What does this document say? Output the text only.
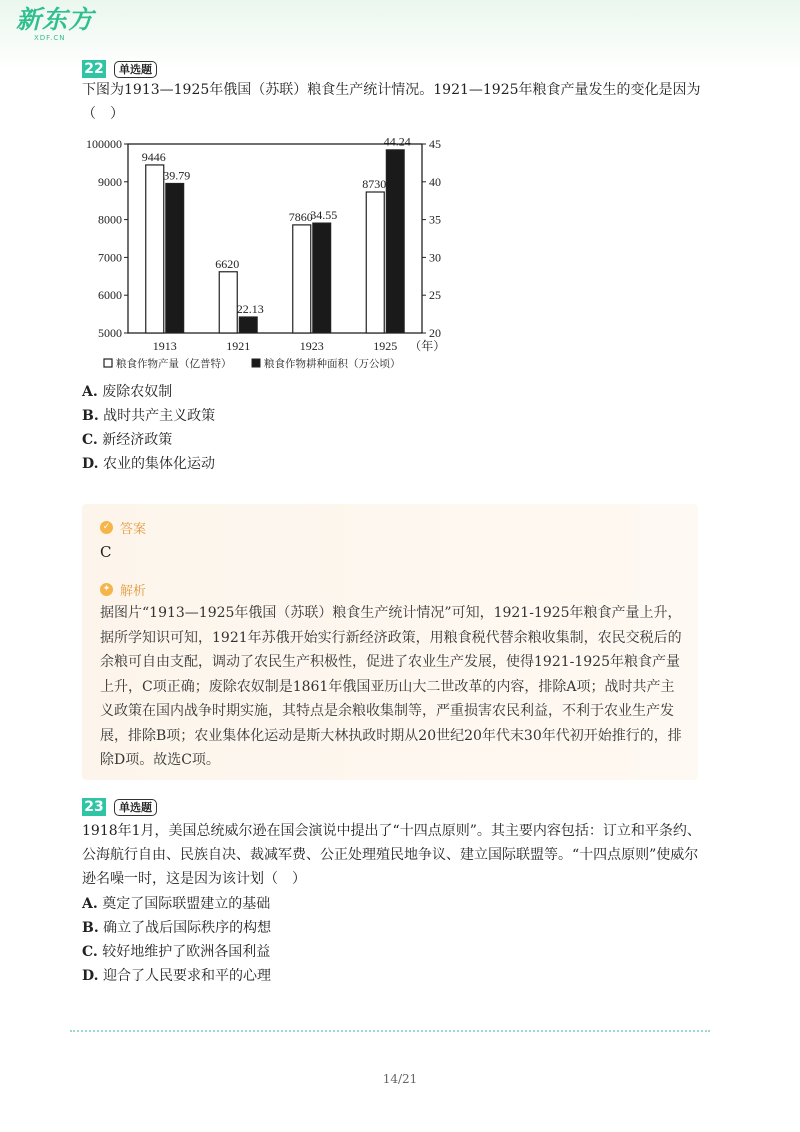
新东方
XDF.CN
22	单选题

下图为1913—1925年俄国（苏联）粮食生产统计情况。1921—1925年粮食产量发生的变化是因为（　）

5000
6000
7000
8000
9000
100000
20
25
30
35
40
45
9446
39.79
1913
6620
22.13
1921
7860
34.55
1923
8730
44.24
1925 （年）
粮食作物产量（亿普特）	粮食作物耕种面积（万公顷）
A. 废除农奴制
B. 战时共产主义政策
C. 新经济政策
D. 农业的集体化运动
✓ 答案
C
✦ 解析

据图片“1913—1925年俄国（苏联）粮食生产统计情况”可知，1921-1925年粮食产量上升，据所学知识可知，1921年苏俄开始实行新经济政策，用粮食税代替余粮收集制，农民交税后的余粮可自由支配，调动了农民生产积极性，促进了农业生产发展，使得1921-1925年粮食产量上升，C项正确；废除农奴制是1861年俄国亚历山大二世改革的内容，排除A项；战时共产主义政策在国内战争时期实施，其特点是余粮收集制等，严重损害农民利益，不利于农业生产发展，排除B项；农业集体化运动是斯大林执政时期从20世纪20年代末30年代初开始推行的，排除D项。故选C项。

23	单选题

1918年1月，美国总统威尔逊在国会演说中提出了“十四点原则”。其主要内容包括：订立和平条约、公海航行自由、民族自决、裁减军费、公正处理殖民地争议、建立国际联盟等。“十四点原则”使威尔逊名噪一时，这是因为该计划（　）

A. 奠定了国际联盟建立的基础
B. 确立了战后国际秩序的构想
C. 较好地维护了欧洲各国利益
D. 迎合了人民要求和平的心理
14/21
